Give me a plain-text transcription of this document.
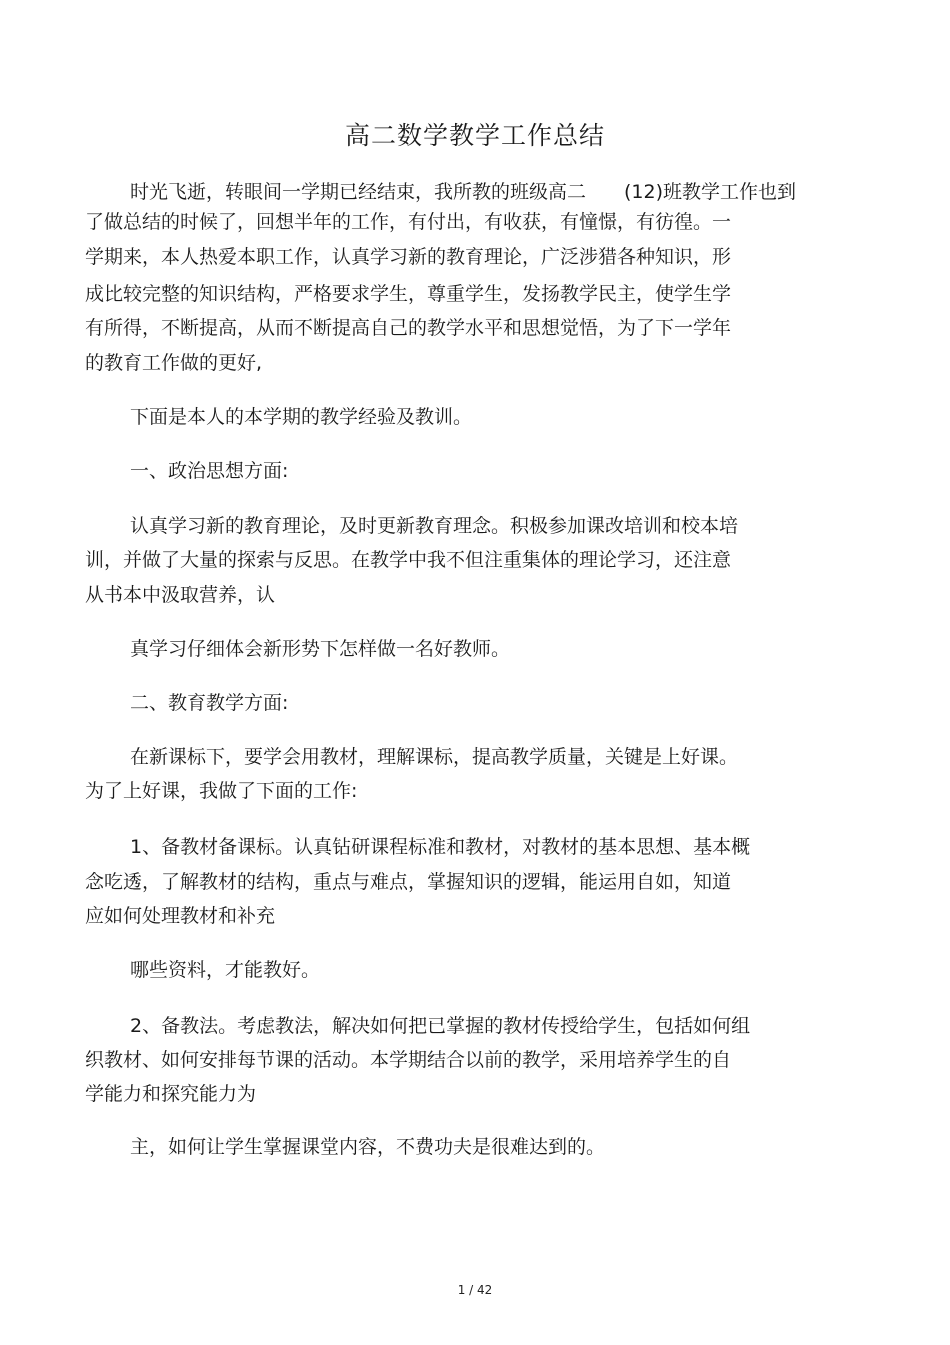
高二数学教学工作总结
时光飞逝，转眼间一学期已经结束，我所教的班级高二 (12)班教学工作也到
了做总结的时候了，回想半年的工作，有付出，有收获，有憧憬，有彷徨。一
学期来，本人热爱本职工作，认真学习新的教育理论，广泛涉猎各种知识，形
成比较完整的知识结构，严格要求学生，尊重学生，发扬教学民主，使学生学
有所得，不断提高，从而不断提高自己的教学水平和思想觉悟，为了下一学年
的教育工作做的更好,
下面是本人的本学期的教学经验及教训。
一、政治思想方面:
认真学习新的教育理论，及时更新教育理念。积极参加课改培训和校本培
训，并做了大量的探索与反思。在教学中我不但注重集体的理论学习，还注意
从书本中汲取营养，认
真学习仔细体会新形势下怎样做一名好教师。
二、教育教学方面:
在新课标下，要学会用教材，理解课标，提高教学质量，关键是上好课。
为了上好课，我做了下面的工作:
1、备教材备课标。认真钻研课程标准和教材，对教材的基本思想、基本概
念吃透，了解教材的结构，重点与难点，掌握知识的逻辑，能运用自如，知道
应如何处理教材和补充
哪些资料，才能教好。
2、备教法。考虑教法，解决如何把已掌握的教材传授给学生，包括如何组
织教材、如何安排每节课的活动。本学期结合以前的教学，采用培养学生的自
学能力和探究能力为
主，如何让学生掌握课堂内容，不费功夫是很难达到的。
1 / 42
